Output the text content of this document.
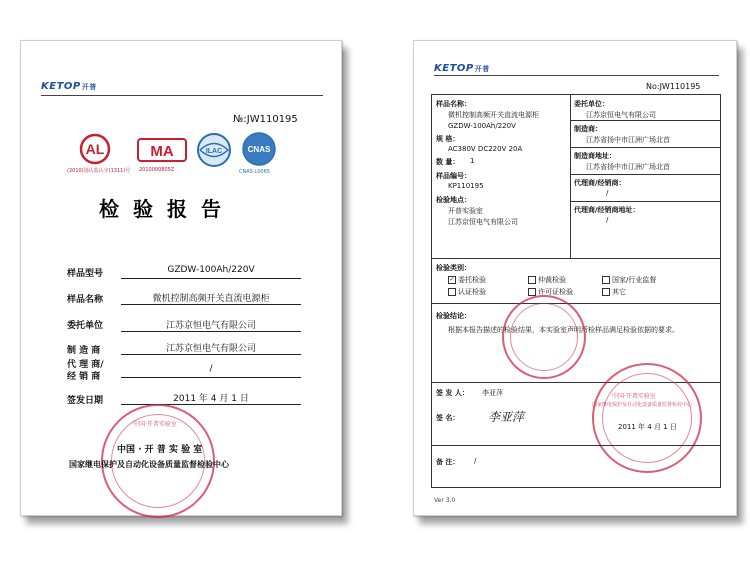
KETOP开普
№:JW110195
AL
(2010)国认监认字(1311)号
MA
2010000805Z
ILAC	CNAS
CNAS L0065
检验报告
样品型号	GZDW-100Ah/220V
样品名称	微机控制高频开关直流电源柜
委托单位	江苏京恒电气有限公司
制 造 商	江苏京恒电气有限公司
代 理 商/
经 销 商
/
签发日期	2011 年 4 月 1 日
中国·开普实验室
中国 · 开 普 实 验 室
国家继电保护及自动化设备质量监督检验中心
KETOP开普
No:JW110195
样品名称：
微机控制高频开关直流电源柜
GZDW-100Ah/220V
规 格：
AC380V DC220V 20A
数 量： 1
样品编号：
KP110195
检验地点：
开普实验室
江苏京恒电气有限公司
委托单位：
江苏京恒电气有限公司
制造商：
江苏省扬中市江洲广场北首
制造商地址：
江苏省扬中市江洲广场北首
代理商/经销商：
/
代理商/经销商地址：
/
检验类别：
✓ 委托检验	仲裁检验	国家/行业监督
认证检验	许可证检验	其它
检验结论：
根据本报告描述的检验结果，本实验室声明所检样品满足检验依据的要求。
签 发 人： 李亚萍
签 名： 李亚萍
国家继电保护及自动化设备质量监督检验中心
中国·开普实验室
2011 年 4 月 1 日
备 注： /
Ver 3.0
